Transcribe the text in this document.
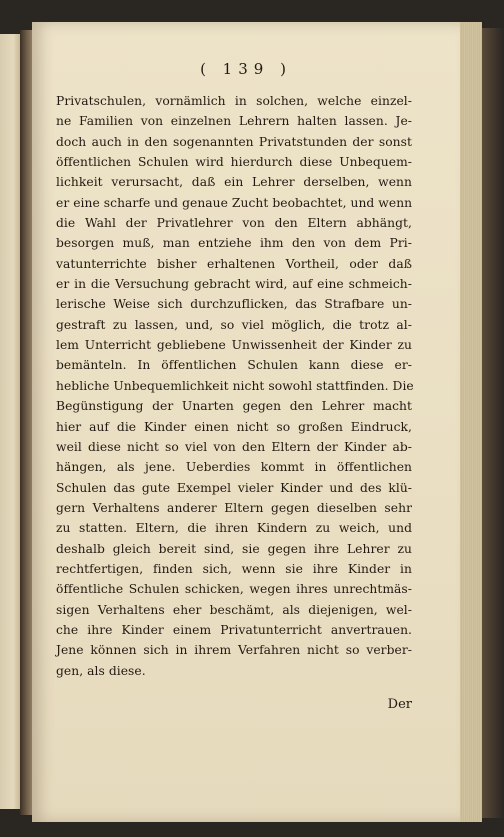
( 139 )
Privatschulen, vornämlich in solchen, welche einzel-
ne Familien von einzelnen Lehrern halten lassen. Je-
doch auch in den sogenannten Privatstunden der sonst
öffentlichen Schulen wird hierdurch diese Unbequem-
lichkeit verursacht, daß ein Lehrer derselben, wenn
er eine scharfe und genaue Zucht beobachtet, und wenn
die Wahl der Privatlehrer von den Eltern abhängt,
besorgen muß, man entziehe ihm den von dem Pri-
vatunterrichte bisher erhaltenen Vortheil, oder daß
er in die Versuchung gebracht wird, auf eine schmeich-
lerische Weise sich durchzuflicken, das Strafbare un-
gestraft zu lassen, und, so viel möglich, die trotz al-
lem Unterricht gebliebene Unwissenheit der Kinder zu
bemänteln. In öffentlichen Schulen kann diese er-
hebliche Unbequemlichkeit nicht sowohl stattfinden. Die
Begünstigung der Unarten gegen den Lehrer macht
hier auf die Kinder einen nicht so großen Eindruck,
weil diese nicht so viel von den Eltern der Kinder ab-
hängen, als jene. Ueberdies kommt in öffentlichen
Schulen das gute Exempel vieler Kinder und des klü-
gern Verhaltens anderer Eltern gegen dieselben sehr
zu statten. Eltern, die ihren Kindern zu weich, und
deshalb gleich bereit sind, sie gegen ihre Lehrer zu
rechtfertigen, finden sich, wenn sie ihre Kinder in
öffentliche Schulen schicken, wegen ihres unrechtmäs-
sigen Verhaltens eher beschämt, als diejenigen, wel-
che ihre Kinder einem Privatunterricht anvertrauen.
Jene können sich in ihrem Verfahren nicht so verber-
gen, als diese.
Der
